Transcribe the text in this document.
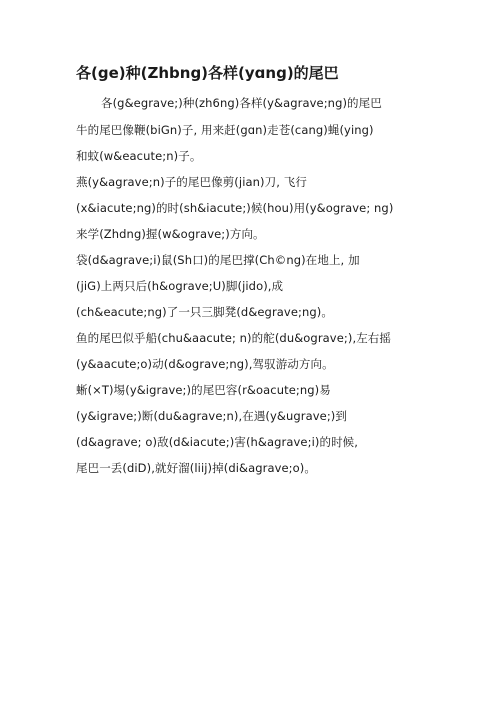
各(ge)种(Zhbng)各样(yɑng)的尾巴
各(g&egrave;)种(zh6ng)各样(y&agrave;ng)的尾巴
牛的尾巴像鞭(biGn)子, 用来赶(gɑn)走苍(cang)蝇(ying)
和蚊(w&eacute;n)子。
燕(y&agrave;n)子的尾巴像剪(jian)刀, 飞行
(x&iacute;ng)的时(sh&iacute;)候(hou)用(y&ograve; ng)
来学(Zhdng)握(w&ograve;)方向。
袋(d&agrave;i)鼠(Sh口)的尾巴撑(Ch©ng)在地上, 加
(jiG)上两只后(h&ograve;U)脚(jido),成
(ch&eacute;ng)了一只三脚凳(d&egrave;ng)。
鱼的尾巴似乎船(chu&aacute; n)的舵(du&ograve;),左右摇
(y&aacute;o)动(d&ograve;ng),驾驭游动方向。
蜥(×T)埸(y&igrave;)的尾巴容(r&oacute;ng)易
(y&igrave;)断(du&agrave;n),在遇(y&ugrave;)到
(d&agrave; o)敌(d&iacute;)害(h&agrave;i)的时候,
尾巴一丢(diD),就好溜(liij)掉(di&agrave;o)。
